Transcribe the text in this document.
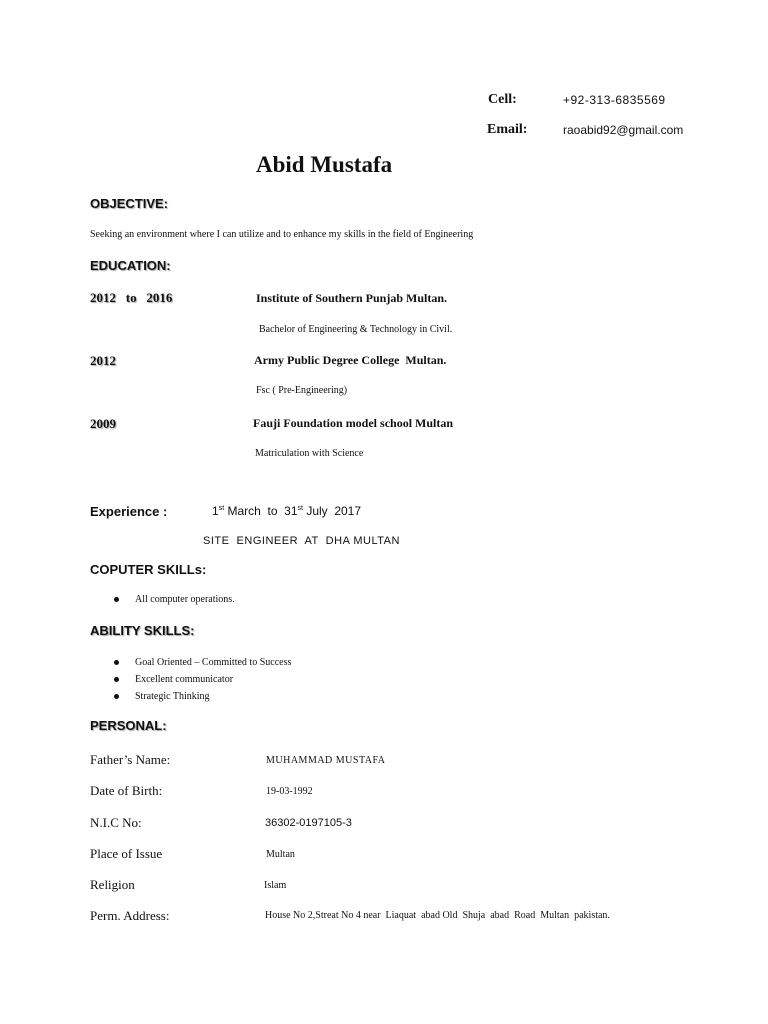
Cell:	+92-313-6835569
Email:	raoabid92@gmail.com
Abid Mustafa
OBJECTIVE:
Seeking an environment where I can utilize and to enhance my skills in the field of Engineering
EDUCATION:
2012   to   2016	Institute of Southern Punjab Multan.
Bachelor of Engineering & Technology in Civil.
2012	Army Public Degree College  Multan.
Fsc ( Pre-Engineering)
2009	Fauji Foundation model school Multan
Matriculation with Science
Experience :	1st March  to  31st July  2017
SITE  ENGINEER  AT  DHA MULTAN
COPUTER SKILLs:
All computer operations.
ABILITY SKILLS:
Goal Oriented – Committed to Success
Excellent communicator
Strategic Thinking
PERSONAL:
Father’s Name:	MUHAMMAD MUSTAFA
Date of Birth:	19-03-1992
N.I.C No:	36302-0197105-3
Place of Issue	Multan
Religion	Islam
Perm. Address:	House No 2,Streat No 4 near  Liaquat  abad Old  Shuja  abad  Road  Multan  pakistan.
